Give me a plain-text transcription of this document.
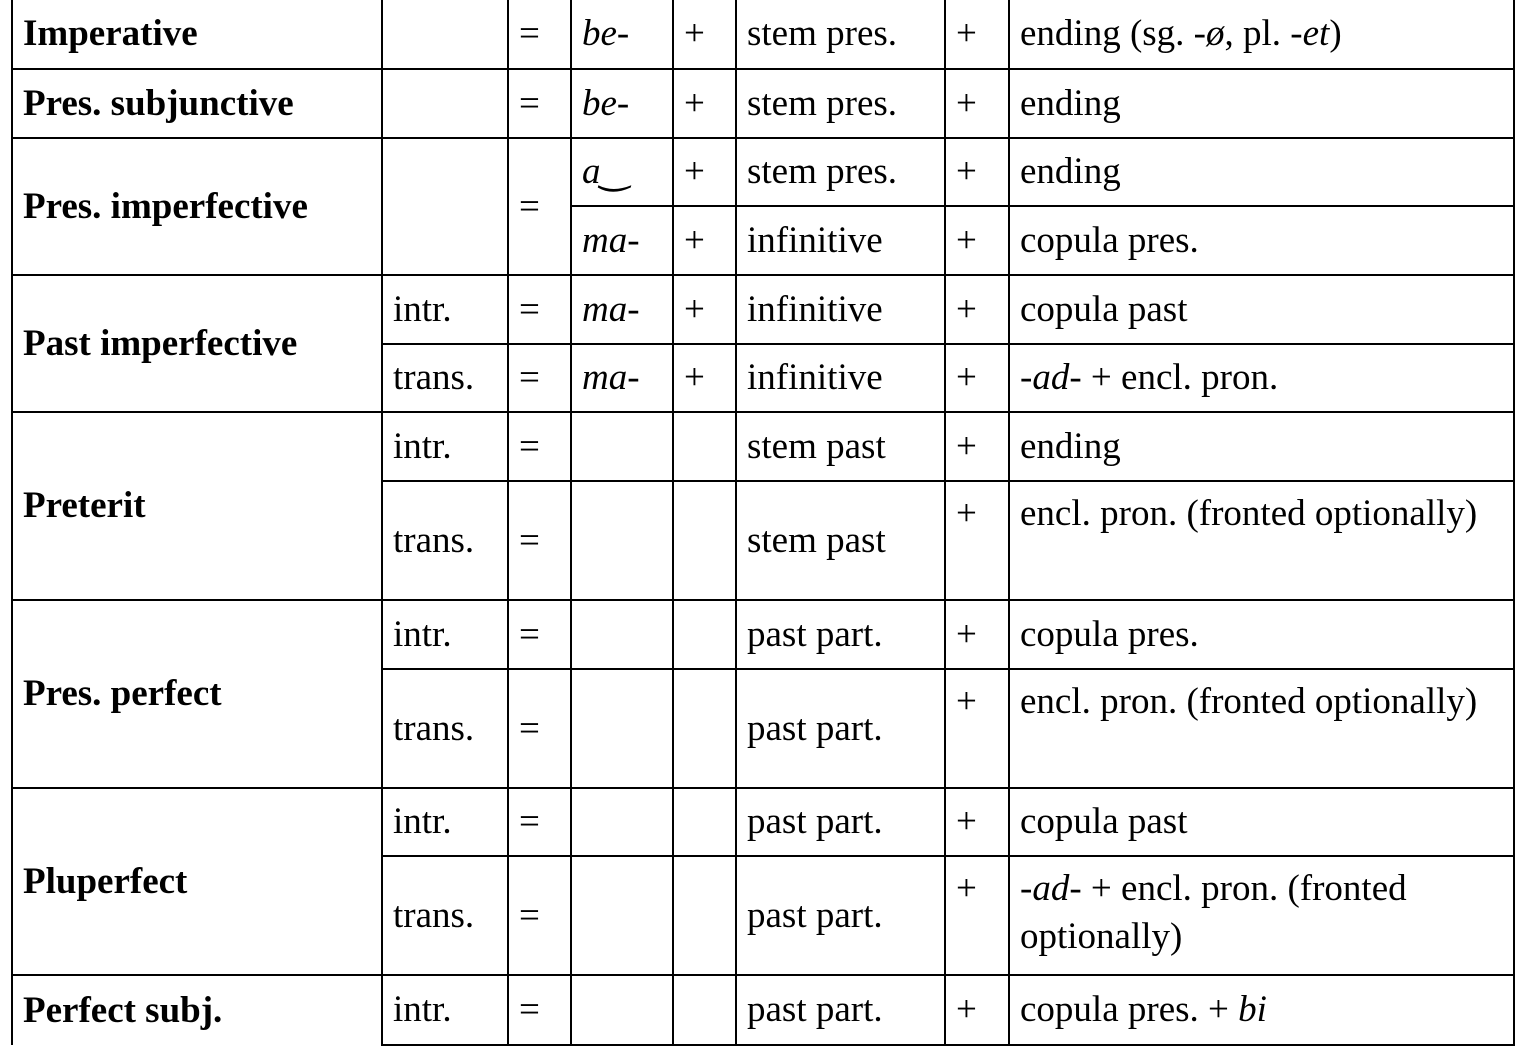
Imperative		=	be-	+	stem pres.	+	ending (sg. -ø, pl. -et)
Pres. subjunctive		=	be-	+	stem pres.	+	ending
Pres. imperfective		=	a‿	+	stem pres.	+	ending
			ma-	+	infinitive	+	copula pres.
Past imperfective	intr.	=	ma-	+	infinitive	+	copula past
	trans.	=	ma-	+	infinitive	+	-ad- + encl. pron.
Preterit	intr.	=			stem past	+	ending
	trans.	=			stem past	+	encl. pron. (fronted optionally)
Pres. perfect	intr.	=			past part.	+	copula pres.
	trans.	=			past part.	+	encl. pron. (fronted optionally)
Pluperfect	intr.	=			past part.	+	copula past
	trans.	=			past part.	+	-ad- + encl. pron. (fronted optionally)
Perfect subj.	intr.	=			past part.	+	copula pres. + bi
